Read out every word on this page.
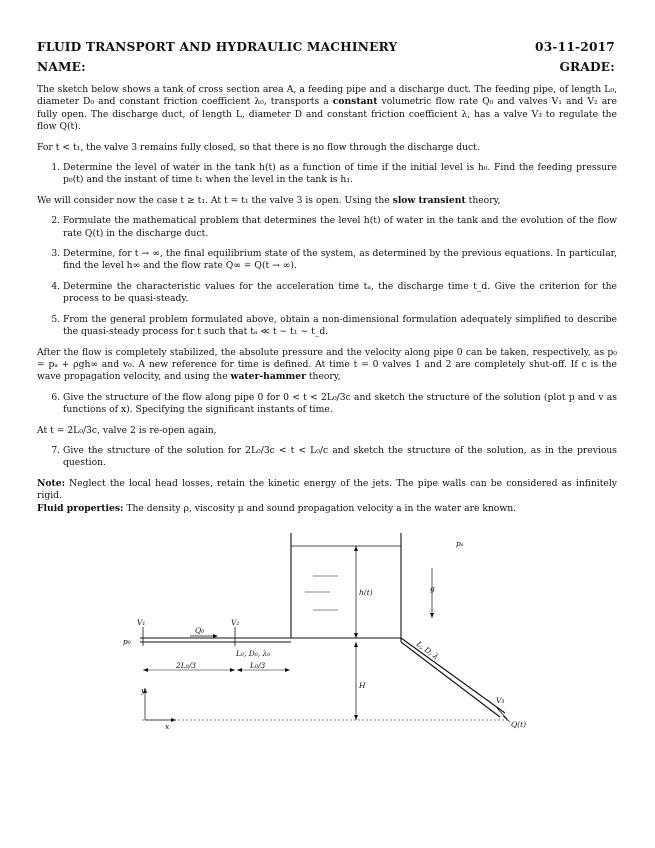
FLUID TRANSPORT AND HYDRAULIC MACHINERY	03-11-2017
NAME:	GRADE:

The sketch below shows a tank of cross section area A, a feeding pipe and a discharge duct. The feeding pipe, of length L₀, diameter D₀ and constant friction coefficient λ₀, transports a constant volumetric flow rate Q₀ and valves V₁ and V₂ are fully open. The discharge duct, of length L, diameter D and constant friction coefficient λ, has a valve V₃ to regulate the flow Q(t).

For t < t₁, the valve 3 remains fully closed, so that there is no flow through the discharge duct.

1. Determine the level of water in the tank h(t) as a function of time if the initial level is h₀. Find the feeding pressure p₀(t) and the instant of time t₁ when the level in the tank is h₁.

We will consider now the case t ≥ t₁. At t = t₁ the valve 3 is open. Using the slow transient theory,

2. Formulate the mathematical problem that determines the level h(t) of water in the tank and the evolution of the flow rate Q(t) in the discharge duct.
3. Determine, for t → ∞, the final equilibrium state of the system, as determined by the previous equations. In particular, find the level h∞ and the flow rate Q∞ = Q(t → ∞).
4. Determine the characteristic values for the acceleration time tₐ, the discharge time t_d. Give the criterion for the process to be quasi-steady.
5. From the general problem formulated above, obtain a non-dimensional formulation adequately simplified to describe the quasi-steady process for t such that tₐ ≪ t − t₁ ∼ t_d.

After the flow is completely stabilized, the absolute pressure and the velocity along pipe 0 can be taken, respectively, as p₀ = pₐ + ρgh∞ and v₀. A new reference for time is defined. At time t = 0 valves 1 and 2 are completely shut-off. If c is the wave propagation velocity, and using the water-hammer theory,

6. Give the structure of the flow along pipe 0 for 0 < t < 2L₀/3c and sketch the structure of the solution (plot p and v as functions of x). Specifying the significant instants of time.

At t = 2L₀/3c, valve 2 is re-open again,

7. Give the structure of the solution for 2L₀/3c < t < L₀/c and sketch the structure of the solution, as in the previous question.

Note: Neglect the local head losses, retain the kinetic energy of the jets. The pipe walls can be considered as infinitely rigid.

Fluid properties: The density ρ, viscosity μ and sound propagation velocity a in the water are known.

pₐ
h(t)	g
p₀
V₁	V₂
Q₀
L₀, D₀, λ₀
2L₀/3	L₀/3
H
L, D, λ
V₃
Q(t)
y
x
